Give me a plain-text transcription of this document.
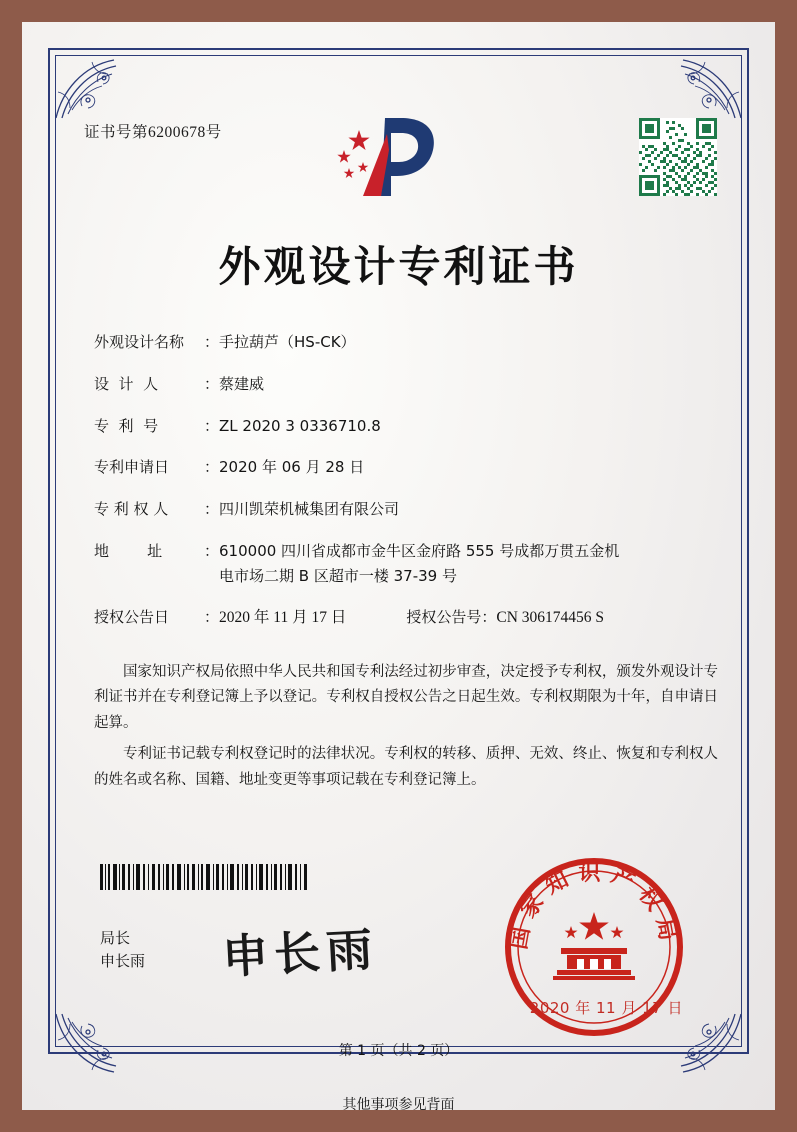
证书号第6200678号
外观设计专利证书
外观设计名称	： 手拉葫芦（HS-CK）
设  计  人	： 蔡建威
专  利  号	： ZL 2020 3 0336710.8
专利申请日	： 2020 年 06 月 28 日
专 利 权 人	： 四川凯荣机械集团有限公司
地        址	： 610000 四川省成都市金牛区金府路 555 号成都万贯五金机
电市场二期 B 区超市一楼 37-39 号
授权公告日	： 2020 年 11 月 17 日	授权公告号 ： CN 306174456 S

国家知识产权局依照中华人民共和国专利法经过初步审查，决定授予专利权，颁发外观设计专利证书并在专利登记簿上予以登记。专利权自授权公告之日起生效。专利权期限为十年，自申请日起算。

专利证书记载专利权登记时的法律状况。专利权的转移、质押、无效、终止、恢复和专利权人的姓名或名称、国籍、地址变更等事项记载在专利登记簿上。

局长
申长雨 申长雨	国家知识产权局
2020 年 11 月 17 日
第 1 页（共 2 页）
其他事项参见背面
